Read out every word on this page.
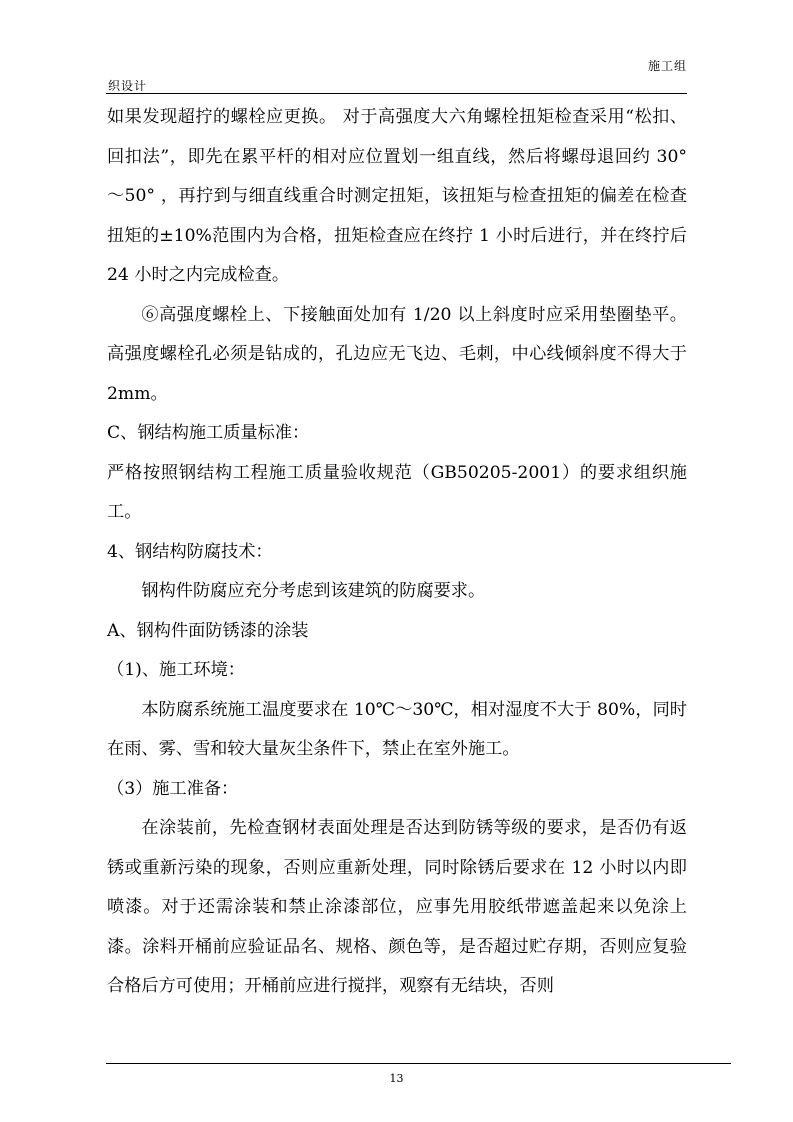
施工组
织设计

如果发现超拧的螺栓应更换。 对于高强度大六角螺栓扭矩检查采用“松扣、回扣法”，即先在累平杆的相对应位置划一组直线，然后将螺母退回约 30° ～50° ，再拧到与细直线重合时测定扭矩，该扭矩与检查扭矩的偏差在检查扭矩的±10%范围内为合格，扭矩检查应在终拧 1 小时后进行，并在终拧后 24 小时之内完成检查。

⑥高强度螺栓上、下接触面处加有 1/20 以上斜度时应采用垫圈垫平。高强度螺栓孔必须是钻成的，孔边应无飞边、毛刺，中心线倾斜度不得大于 2mm。

C、钢结构施工质量标准：

严格按照钢结构工程施工质量验收规范（GB50205-2001）的要求组织施工。

4、钢结构防腐技术：

钢构件防腐应充分考虑到该建筑的防腐要求。

A、钢构件面防锈漆的涂装

（1)、施工环境：

本防腐系统施工温度要求在 10℃～30℃，相对湿度不大于 80%，同时在雨、雾、雪和较大量灰尘条件下，禁止在室外施工。

（3）施工准备：

在涂装前，先检查钢材表面处理是否达到防锈等级的要求，是否仍有返锈或重新污染的现象，否则应重新处理，同时除锈后要求在 12 小时以内即喷漆。对于还需涂装和禁止涂漆部位，应事先用胶纸带遮盖起来以免涂上漆。涂料开桶前应验证品名、规格、颜色等，是否超过贮存期，否则应复验合格后方可使用；开桶前应进行搅拌，观察有无结块，否则

13
